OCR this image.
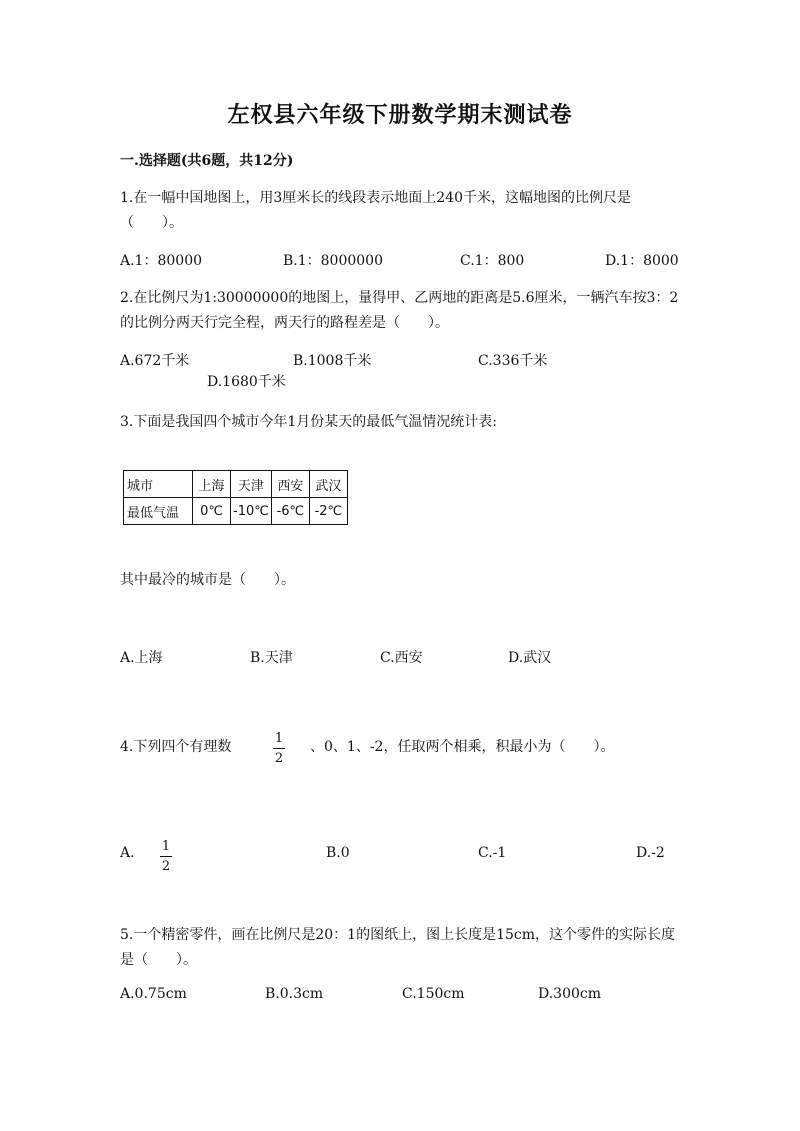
左权县六年级下册数学期末测试卷
一.选择题(共6题，共12分)
1.在一幅中国地图上，用3厘米长的线段表示地面上240千米，这幅地图的比例尺是（　　）。
A.1：80000	B.1：8000000	C.1：800	D.1：8000
2.在比例尺为1:30000000的地图上，量得甲、乙两地的距离是5.6厘米，一辆汽车按3：2的比例分两天行完全程，两天行的路程差是（　　）。
A.672千米	B.1008千米	C.336千米
D.1680千米
3.下面是我国四个城市今年1月份某天的最低气温情况统计表:
城市	上海	天津	西安	武汉
最低气温	0℃	-10℃	-6℃	-2℃
其中最冷的城市是（　　）。
A.上海	B.天津	C.西安	D.武汉
4.下列四个有理数
1
2
、0、1、-2，任取两个相乘，积最小为（　　）。
A. 1
2
B.0	C.-1	D.-2
5.一个精密零件，画在比例尺是20：1的图纸上，图上长度是15cm，这个零件的实际长度是（　　）。
A.0.75cm	B.0.3cm	C.150cm	D.300cm
